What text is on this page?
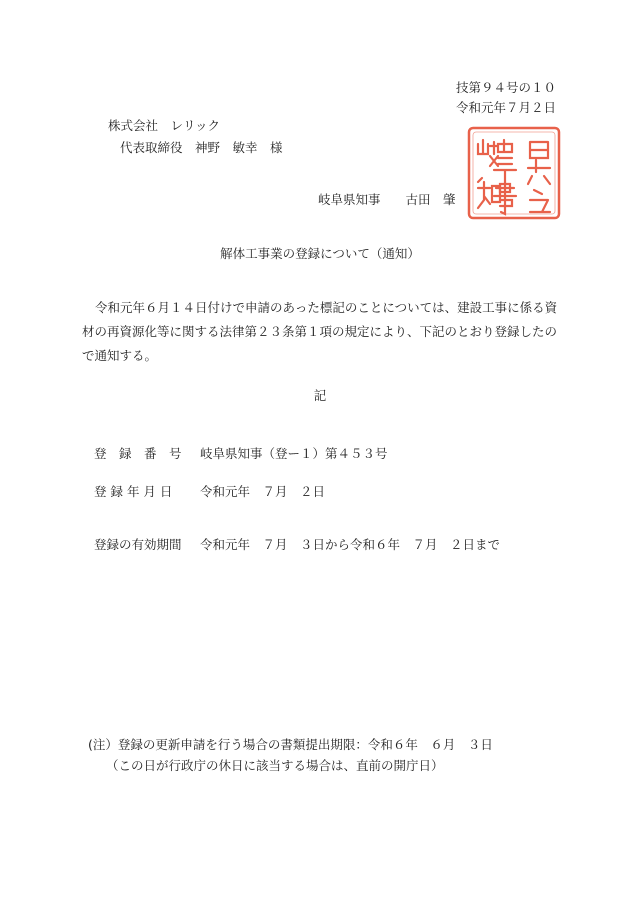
技第９４号の１０
令和元年７月２日
株式会社　レリック
代表取締役　神野　敏幸　様
岐阜県知事　　古田　肇
解体工事業の登録について（通知）
令和元年６月１４日付けで申請のあった標記のことについては、建設工事に係る資材の再資源化等に関する法律第２３条第１項の規定により、下記のとおり登録したので通知する。
記
登　録　番　号 岐阜県知事（登ー１）第４５３号
登 録 年 月 日 令和元年　７月　２日
登録の有効期間 令和元年　７月　３日から令和６年　７月　２日まで
(注）登録の更新申請を行う場合の書類提出期限：令和６年　６月　３日
（この日が行政庁の休日に該当する場合は、直前の開庁日）
